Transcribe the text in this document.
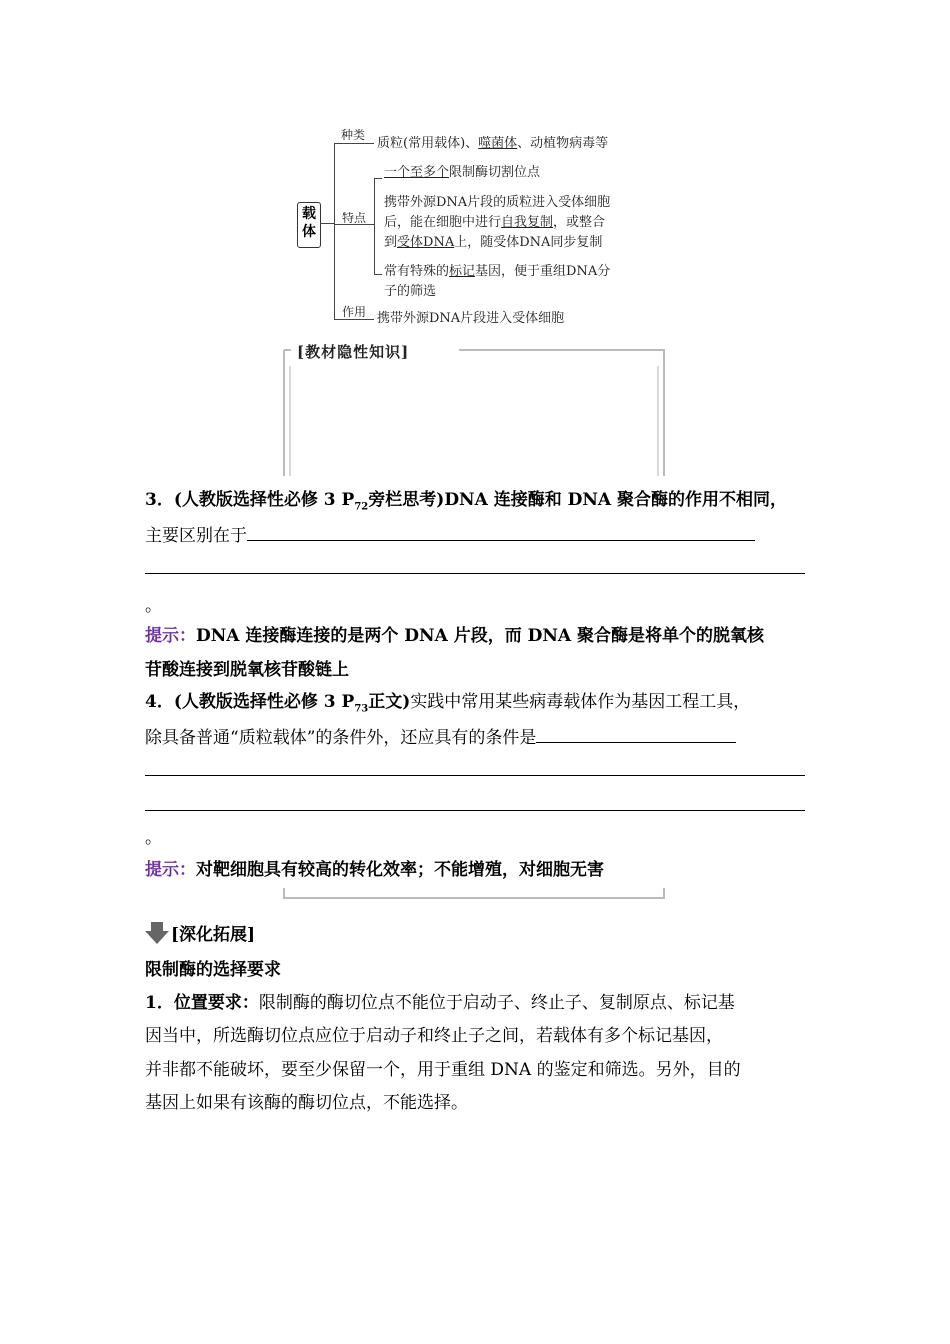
载体
种类
质粒(常用载体)、噬菌体、动植物病毒等
特点
一个至多个限制酶切割位点
携带外源DNA片段的质粒进入受体细胞
后，能在细胞中进行自我复制，或整合
到受体DNA上，随受体DNA同步复制
常有特殊的标记基因，便于重组DNA分
子的筛选
作用 携带外源DNA片段进入受体细胞
[教材隐性知识]
3．(人教版选择性必修 3 $P_{72}$旁栏思考)DNA 连接酶和 DNA 聚合酶的作用不相同，
主要区别在于
。
提示：DNA 连接酶连接的是两个 DNA 片段，而 DNA 聚合酶是将单个的脱氧核
苷酸连接到脱氧核苷酸链上
4．(人教版选择性必修 3 $P_{73}$正文)实践中常用某些病毒载体作为基因工程工具，
除具备普通“质粒载体”的条件外，还应具有的条件是
。
提示：对靶细胞具有较高的转化效率；不能增殖，对细胞无害
[深化拓展]
限制酶的选择要求
1．位置要求：限制酶的酶切位点不能位于启动子、终止子、复制原点、标记基
因当中，所选酶切位点应位于启动子和终止子之间，若载体有多个标记基因，
并非都不能破坏，要至少保留一个，用于重组 DNA 的鉴定和筛选。另外，目的
基因上如果有该酶的酶切位点，不能选择。
